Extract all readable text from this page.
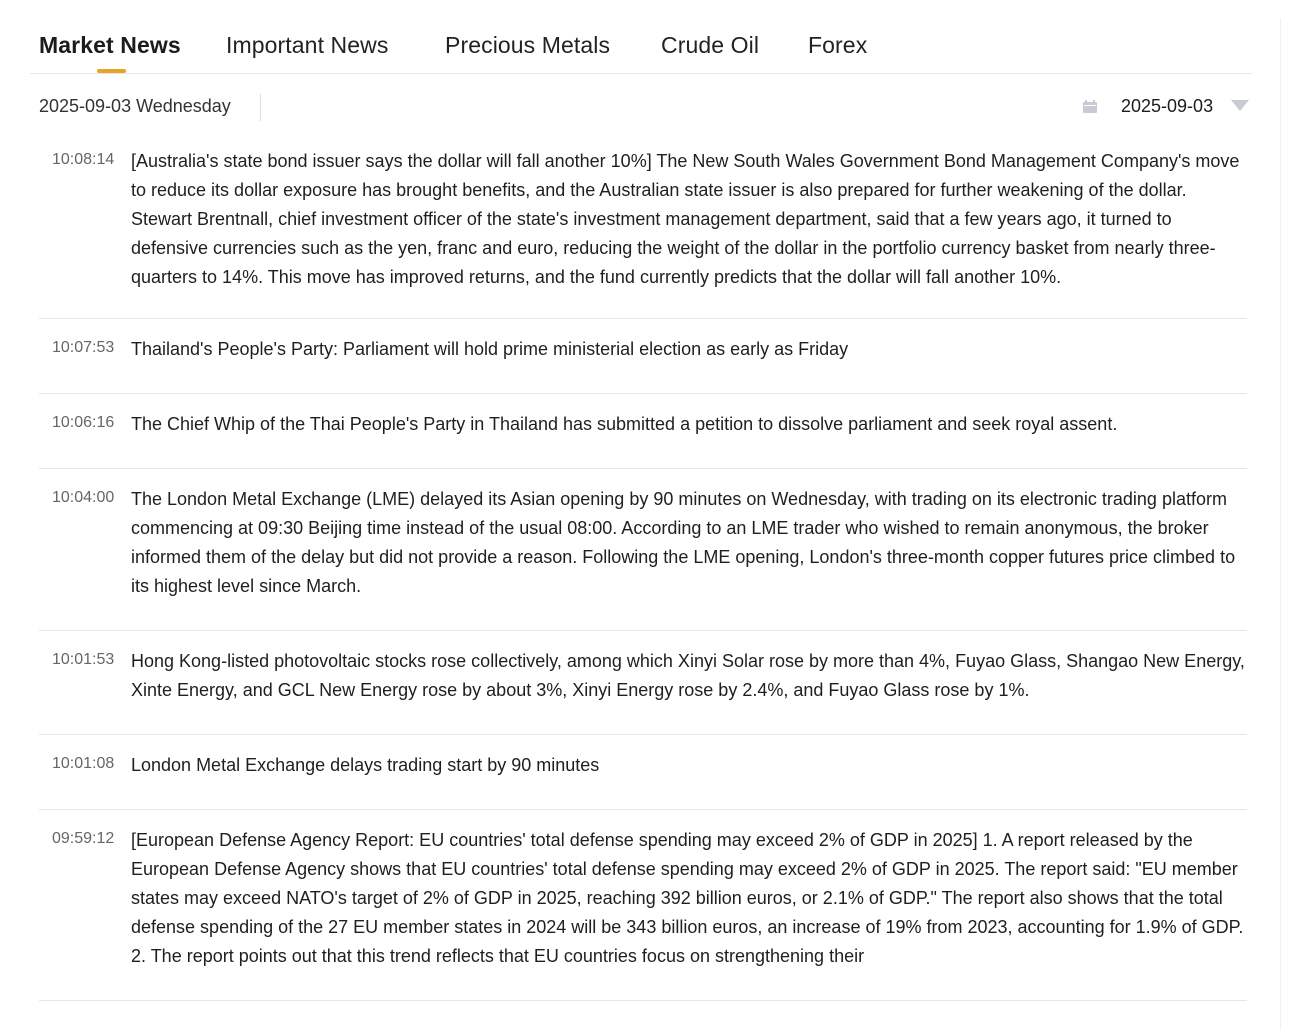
Market News Important News Precious Metals Crude Oil Forex
2025-09-03 Wednesday	2025-09-03
10:08:14 [Australia's state bond issuer says the dollar will fall another 10%] The New South Wales Government Bond Management Company's move to reduce its dollar exposure has brought benefits, and the Australian state issuer is also prepared for further weakening of the dollar. Stewart Brentnall, chief investment officer of the state's investment management department, said that a few years ago, it turned to defensive currencies such as the yen, franc and euro, reducing the weight of the dollar in the portfolio currency basket from nearly three-quarters to 14%. This move has improved returns, and the fund currently predicts that the dollar will fall another 10%.
10:07:53 Thailand's People's Party: Parliament will hold prime ministerial election as early as Friday
10:06:16 The Chief Whip of the Thai People's Party in Thailand has submitted a petition to dissolve parliament and seek royal assent.
10:04:00 The London Metal Exchange (LME) delayed its Asian opening by 90 minutes on Wednesday, with trading on its electronic trading platform commencing at 09:30 Beijing time instead of the usual 08:00. According to an LME trader who wished to remain anonymous, the broker informed them of the delay but did not provide a reason. Following the LME opening, London's three-month copper futures price climbed to its highest level since March.
10:01:53 Hong Kong-listed photovoltaic stocks rose collectively, among which Xinyi Solar rose by more than 4%, Fuyao Glass, Shangao New Energy, Xinte Energy, and GCL New Energy rose by about 3%, Xinyi Energy rose by 2.4%, and Fuyao Glass rose by 1%.
10:01:08 London Metal Exchange delays trading start by 90 minutes
09:59:12 [European Defense Agency Report: EU countries' total defense spending may exceed 2% of GDP in 2025] 1. A report released by the European Defense Agency shows that EU countries' total defense spending may exceed 2% of GDP in 2025. The report said: "EU member states may exceed NATO's target of 2% of GDP in 2025, reaching 392 billion euros, or 2.1% of GDP." The report also shows that the total defense spending of the 27 EU member states in 2024 will be 343 billion euros, an increase of 19% from 2023, accounting for 1.9% of GDP. 2. The report points out that this trend reflects that EU countries focus on strengthening their
